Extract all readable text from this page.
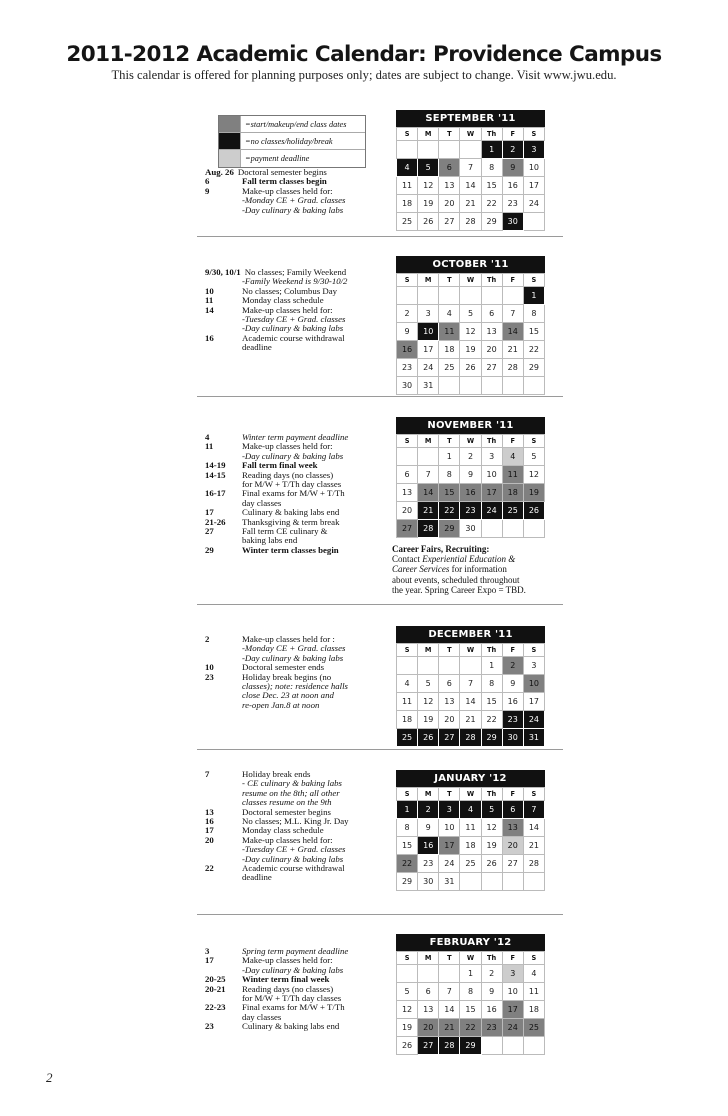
2011-2012 Academic Calendar: Providence Campus
This calendar is offered for planning purposes only; dates are subject to change. Visit www.jwu.edu.
=start/makeup/end class dates
=no classes/holiday/break
=payment deadline
Aug. 26 Doctoral semester begins
6	Fall term classes begin
9	Make-up classes held for:
-Monday CE + Grad. classes
-Day culinary & baking labs
9/30, 10/1 No classes; Family Weekend
-Family Weekend is 9/30-10/2
10	No classes; Columbus Day
11	Monday class schedule
14	Make-up classes held for:
-Tuesday CE + Grad. classes
-Day culinary & baking labs
16	Academic course withdrawal
deadline
4	Winter term payment deadline
11	Make-up classes held for:
-Day culinary & baking labs
14-19	Fall term final week
14-15	Reading days (no classes)
for M/W + T/Th day classes
16-17	Final exams for M/W + T/Th
day classes
17	Culinary & baking labs end
21-26	Thanksgiving & term break
27	Fall term CE culinary &
baking labs end
29	Winter term classes begin
2	Make-up classes held for :
-Monday CE + Grad. classes
-Day culinary & baking labs
10	Doctoral semester ends
23	Holiday break begins (no
classes); note: residence halls
close Dec. 23 at noon and
re-open Jan.8 at noon
7	Holiday break ends
- CE culinary & baking labs
resume on the 8th; all other
classes resume on the 9th
13	Doctoral semester begins
16	No classes; M.L. King Jr. Day
17	Monday class schedule
20	Make-up classes held for:
-Tuesday CE + Grad. classes
-Day culinary & baking labs
22	Academic course withdrawal
deadline
3	Spring term payment deadline
17	Make-up classes held for:
-Day culinary & baking labs
20-25	Winter term final week
20-21	Reading days (no classes)
for M/W + T/Th day classes
22-23	Final exams for M/W + T/Th
day classes
23	Culinary & baking labs end
SEPTEMBER '11
S	M	T	W	Th	F	S
				1	2	3
4	5	6	7	8	9	10
11	12	13	14	15	16	17
18	19	20	21	22	23	24
25	26	27	28	29	30	
OCTOBER '11
S	M	T	W	Th	F	S
						1
2	3	4	5	6	7	8
9	10	11	12	13	14	15
16	17	18	19	20	21	22
23	24	25	26	27	28	29
30	31					
NOVEMBER '11
S	M	T	W	Th	F	S
		1	2	3	4	5
6	7	8	9	10	11	12
13	14	15	16	17	18	19
20	21	22	23	24	25	26
27	28	29	30			
DECEMBER '11
S	M	T	W	Th	F	S
				1	2	3
4	5	6	7	8	9	10
11	12	13	14	15	16	17
18	19	20	21	22	23	24
25	26	27	28	29	30	31
JANUARY '12
S	M	T	W	Th	F	S
1	2	3	4	5	6	7
8	9	10	11	12	13	14
15	16	17	18	19	20	21
22	23	24	25	26	27	28
29	30	31				
FEBRUARY '12
S	M	T	W	Th	F	S
			1	2	3	4
5	6	7	8	9	10	11
12	13	14	15	16	17	18
19	20	21	22	23	24	25
26	27	28	29			
Career Fairs, Recruiting:
Contact Experiential Education &
Career Services for information
about events, scheduled throughout
the year. Spring Career Expo = TBD.
2
